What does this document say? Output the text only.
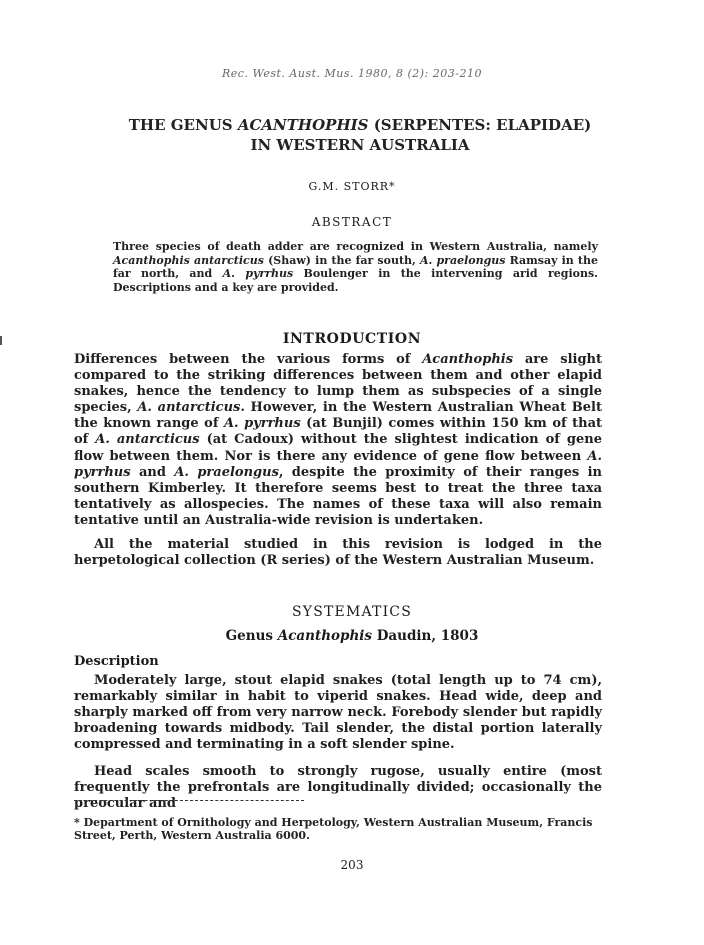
Rec. West. Aust. Mus. 1980, 8 (2): 203-210
THE GENUS ACANTHOPHIS (SERPENTES: ELAPIDAE)
IN WESTERN AUSTRALIA
G.M. STORR*
ABSTRACT
Three species of death adder are recognized in Western Australia, namely Acanthophis antarcticus (Shaw) in the far south, A. praelongus Ramsay in the far north, and A. pyrrhus Boulenger in the intervening arid regions. Descriptions and a key are provided.
INTRODUCTION
Differences between the various forms of Acanthophis are slight compared to the striking differences between them and other elapid snakes, hence the tendency to lump them as subspecies of a single species, A. antarcticus. However, in the Western Australian Wheat Belt the known range of A. pyrrhus (at Bunjil) comes within 150 km of that of A. antarcticus (at Cadoux) without the slightest indication of gene flow between them. Nor is there any evidence of gene flow between A. pyrrhus and A. praelongus, despite the proximity of their ranges in southern Kimberley. It therefore seems best to treat the three taxa tentatively as allospecies. The names of these taxa will also remain tentative until an Australia-wide revision is undertaken.
All the material studied in this revision is lodged in the herpetological collection (R series) of the Western Australian Museum.
SYSTEMATICS
Genus Acanthophis Daudin, 1803
Description
Moderately large, stout elapid snakes (total length up to 74 cm), remarkably similar in habit to viperid snakes. Head wide, deep and sharply marked off from very narrow neck. Forebody slender but rapidly broadening towards midbody. Tail slender, the distal portion laterally compressed and terminating in a soft slender spine.
Head scales smooth to strongly rugose, usually entire (most frequently the prefrontals are longitudinally divided; occasionally the preocular and
* Department of Ornithology and Herpetology, Western Australian Museum, Francis Street, Perth, Western Australia 6000.
203
